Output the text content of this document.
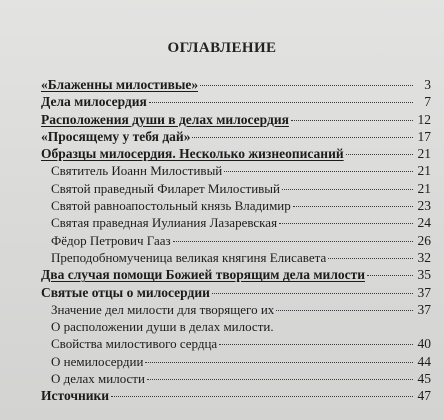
ОГЛАВЛЕНИЕ
«Блаженны милостивые»	3
Дела милосердия	7
Расположения души в делах милосердия	12
«Просящему у тебя дай»	17
Образцы милосердия. Несколько жизнеописаний	21
Святитель Иоанн Милостивый	21
Святой праведный Филарет Милостивый	21
Святой равноапостольный князь Владимир	23
Святая праведная Иулиания Лазаревская	24
Фёдор Петрович Гааз	26
Преподобномученица великая княгиня Елисавета	32
Два случая помощи Божией творящим дела милости	35
Святые отцы о милосердии	37
Значение дел милости для творящего их	37
О расположении души в делах милости.
Свойства милостивого сердца	40
О немилосердии	44
О делах милости	45
Источники	47
